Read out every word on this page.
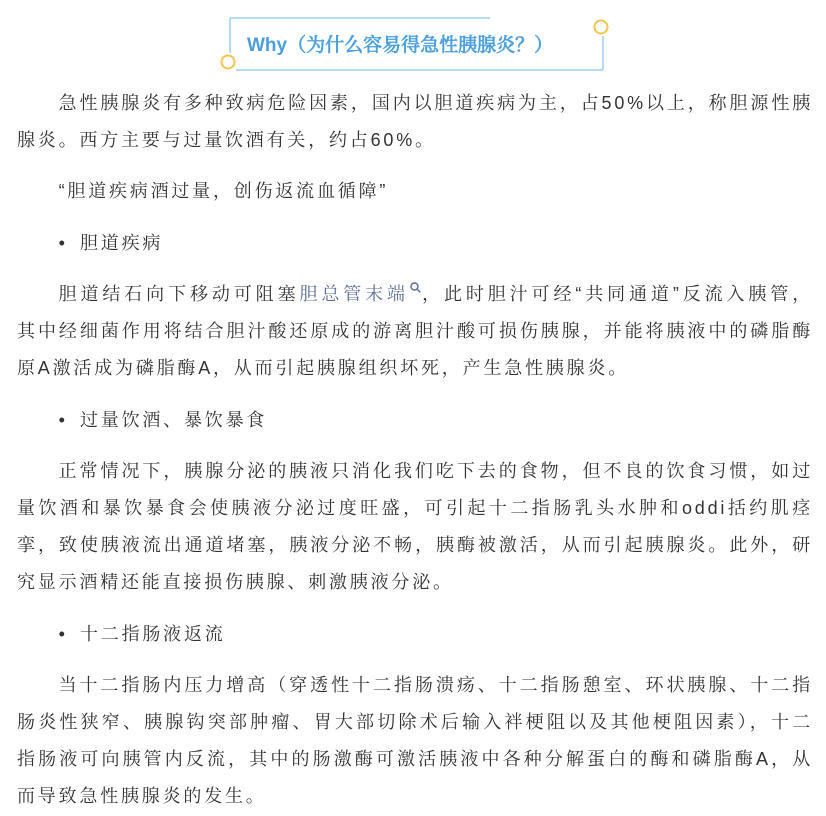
Why（为什么容易得急性胰腺炎？）
急性胰腺炎有多种致病危险因素，国内以胆道疾病为主，占50%以上，称胆源性胰
腺炎。西方主要与过量饮酒有关，约占60%。
“胆道疾病酒过量，创伤返流血循障”
• 胆道疾病
胆道结石向下移动可阻塞胆总管末端 ，此时胆汁可经“共同通道”反流入胰管，
其中经细菌作用将结合胆汁酸还原成的游离胆汁酸可损伤胰腺，并能将胰液中的磷脂酶
原A激活成为磷脂酶A，从而引起胰腺组织坏死，产生急性胰腺炎。
• 过量饮酒、暴饮暴食
正常情况下，胰腺分泌的胰液只消化我们吃下去的食物，但不良的饮食习惯，如过
量饮酒和暴饮暴食会使胰液分泌过度旺盛，可引起十二指肠乳头水肿和oddi括约肌痉
挛，致使胰液流出通道堵塞，胰液分泌不畅，胰酶被激活，从而引起胰腺炎。此外，研
究显示酒精还能直接损伤胰腺、刺激胰液分泌。
• 十二指肠液返流
当十二指肠内压力增高（穿透性十二指肠溃疡、十二指肠憩室、环状胰腺、十二指
肠炎性狭窄、胰腺钩突部肿瘤、胃大部切除术后输入袢梗阻以及其他梗阻因素），十二
指肠液可向胰管内反流，其中的肠激酶可激活胰液中各种分解蛋白的酶和磷脂酶A，从
而导致急性胰腺炎的发生。
